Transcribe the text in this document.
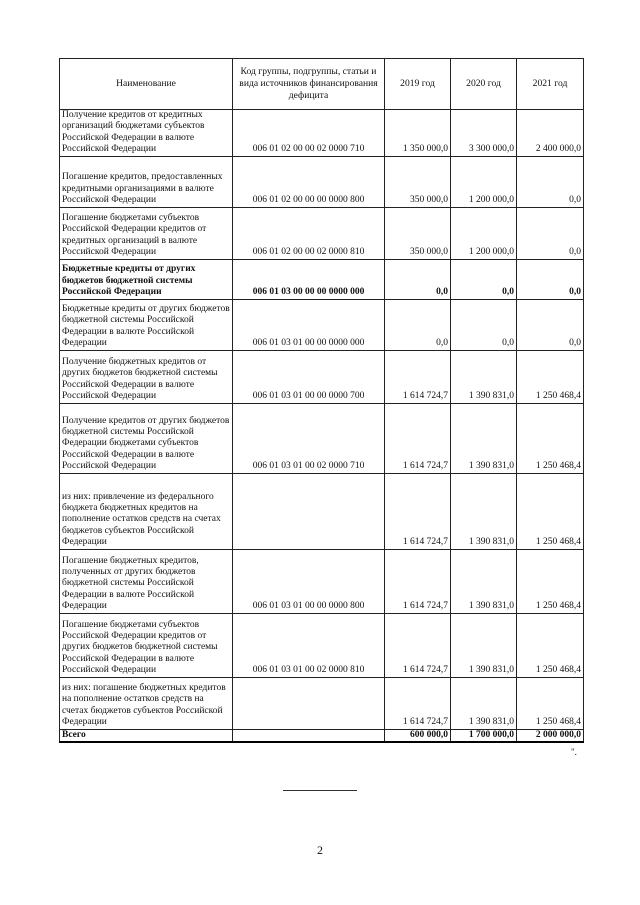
Наименование	Код группы, подгруппы, статьи и вида источников финансирования дефицита	2019 год	2020 год	2021 год
Получение кредитов от кредитных организаций бюджетами субъектов Российской Федерации в валюте Российской Федерации	006 01 02 00 00 02 0000 710	1 350 000,0	3 300 000,0	2 400 000,0
Погашение кредитов, предоставленных кредитными организациями в валюте Российской Федерации	006 01 02 00 00 00 0000 800	350 000,0	1 200 000,0	0,0
Погашение бюджетами субъектов Российской Федерации кредитов от кредитных организаций в валюте Российской Федерации	006 01 02 00 00 02 0000 810	350 000,0	1 200 000,0	0,0
Бюджетные кредиты от других бюджетов бюджетной системы Российской Федерации	006 01 03 00 00 00 0000 000	0,0	0,0	0,0
Бюджетные кредиты от других бюджетов бюджетной системы Российской Федерации в валюте Российской Федерации	006 01 03 01 00 00 0000 000	0,0	0,0	0,0
Получение бюджетных кредитов от других бюджетов бюджетной системы Российской Федерации в валюте Российской Федерации	006 01 03 01 00 00 0000 700	1 614 724,7	1 390 831,0	1 250 468,4
Получение кредитов от других бюджетов бюджетной системы Российской Федерации бюджетами субъектов Российской Федерации в валюте Российской Федерации	006 01 03 01 00 02 0000 710	1 614 724,7	1 390 831,0	1 250 468,4
из них: привлечение из федерального бюджета бюджетных кредитов на пополнение остатков средств на счетах бюджетов субъектов Российской Федерации		1 614 724,7	1 390 831,0	1 250 468,4
Погашение бюджетных кредитов, полученных от других бюджетов бюджетной системы Российской Федерации в валюте Российской Федерации	006 01 03 01 00 00 0000 800	1 614 724,7	1 390 831,0	1 250 468,4
Погашение бюджетами субъектов Российской Федерации кредитов от других бюджетов бюджетной системы Российской Федерации в валюте Российской Федерации	006 01 03 01 00 02 0000 810	1 614 724,7	1 390 831,0	1 250 468,4
из них: погашение бюджетных кредитов на пополнение остатков средств на счетах бюджетов субъектов Российской Федерации		1 614 724,7	1 390 831,0	1 250 468,4
Всего		600 000,0	1 700 000,0	2 000 000,0
".
2
